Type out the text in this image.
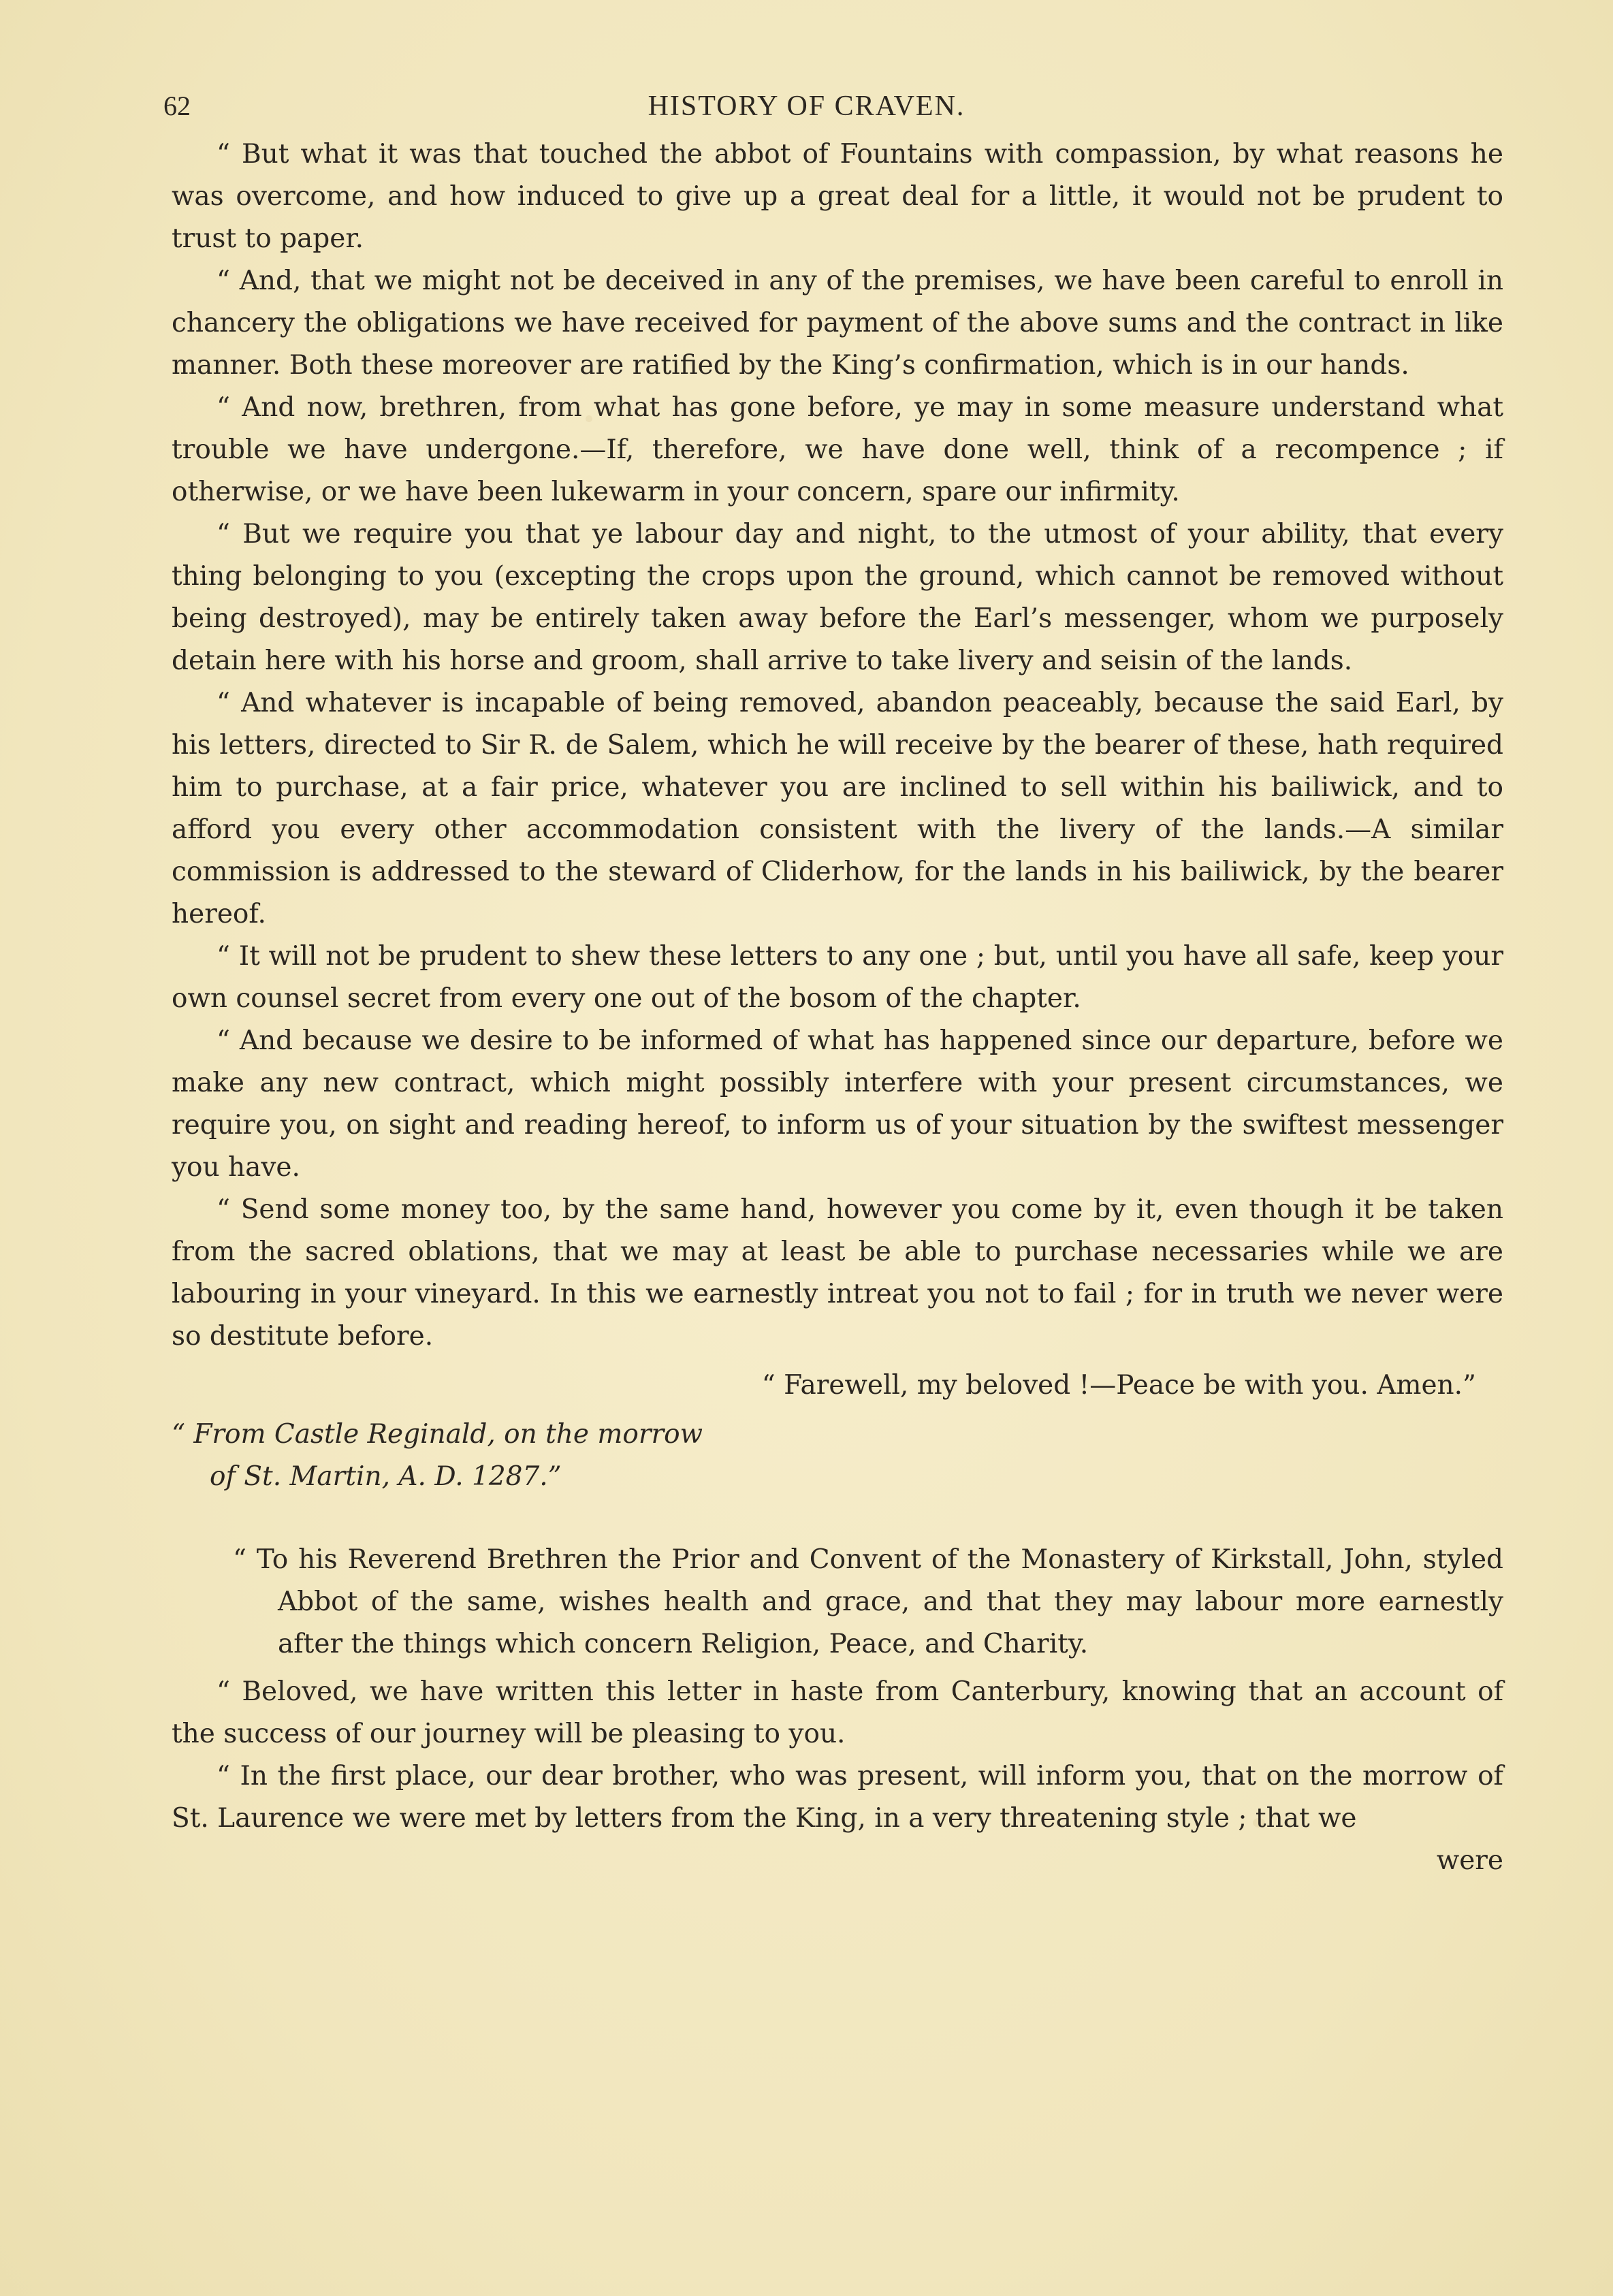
62	HISTORY OF CRAVEN.

“ But what it was that touched the abbot of Fountains with compassion, by what reasons he was overcome, and how induced to give up a great deal for a little, it would not be prudent to trust to paper.

“ And, that we might not be deceived in any of the premises, we have been careful to enroll in chancery the obligations we have received for payment of the above sums and the contract in like manner. Both these moreover are ratified by the King’s confirmation, which is in our hands.

“ And now, brethren, from what has gone before, ye may in some measure understand what trouble we have undergone.—If, therefore, we have done well, think of a recompence ; if otherwise, or we have been lukewarm in your concern, spare our infirmity.

“ But we require you that ye labour day and night, to the utmost of your ability, that every thing belonging to you (excepting the crops upon the ground, which cannot be removed without being destroyed), may be entirely taken away before the Earl’s messenger, whom we purposely detain here with his horse and groom, shall arrive to take livery and seisin of the lands.

“ And whatever is incapable of being removed, abandon peaceably, because the said Earl, by his letters, directed to Sir R. de Salem, which he will receive by the bearer of these, hath required him to purchase, at a fair price, whatever you are inclined to sell within his bailiwick, and to afford you every other accommodation consistent with the livery of the lands.—A similar commission is addressed to the steward of Cliderhow, for the lands in his bailiwick, by the bearer hereof.

“ It will not be prudent to shew these letters to any one ; but, until you have all safe, keep your own counsel secret from every one out of the bosom of the chapter.

“ And because we desire to be informed of what has happened since our departure, before we make any new contract, which might possibly interfere with your present circumstances, we require you, on sight and reading hereof, to inform us of your situation by the swiftest messenger you have.

“ Send some money too, by the same hand, however you come by it, even though it be taken from the sacred oblations, that we may at least be able to purchase necessaries while we are labouring in your vineyard. In this we earnestly intreat you not to fail ; for in truth we never were so destitute before.

“ Farewell, my beloved !—Peace be with you. Amen.”

“ From Castle Reginald, on the morrow
of St. Martin, A. D. 1287.”

“ To his Reverend Brethren the Prior and Convent of the Monastery of Kirkstall, John, styled Abbot of the same, wishes health and grace, and that they may labour more earnestly after the things which concern Religion, Peace, and Charity.

“ Beloved, we have written this letter in haste from Canterbury, knowing that an account of the success of our journey will be pleasing to you.

“ In the first place, our dear brother, who was present, will inform you, that on the morrow of St. Laurence we were met by letters from the King, in a very threatening style ; that we

were
